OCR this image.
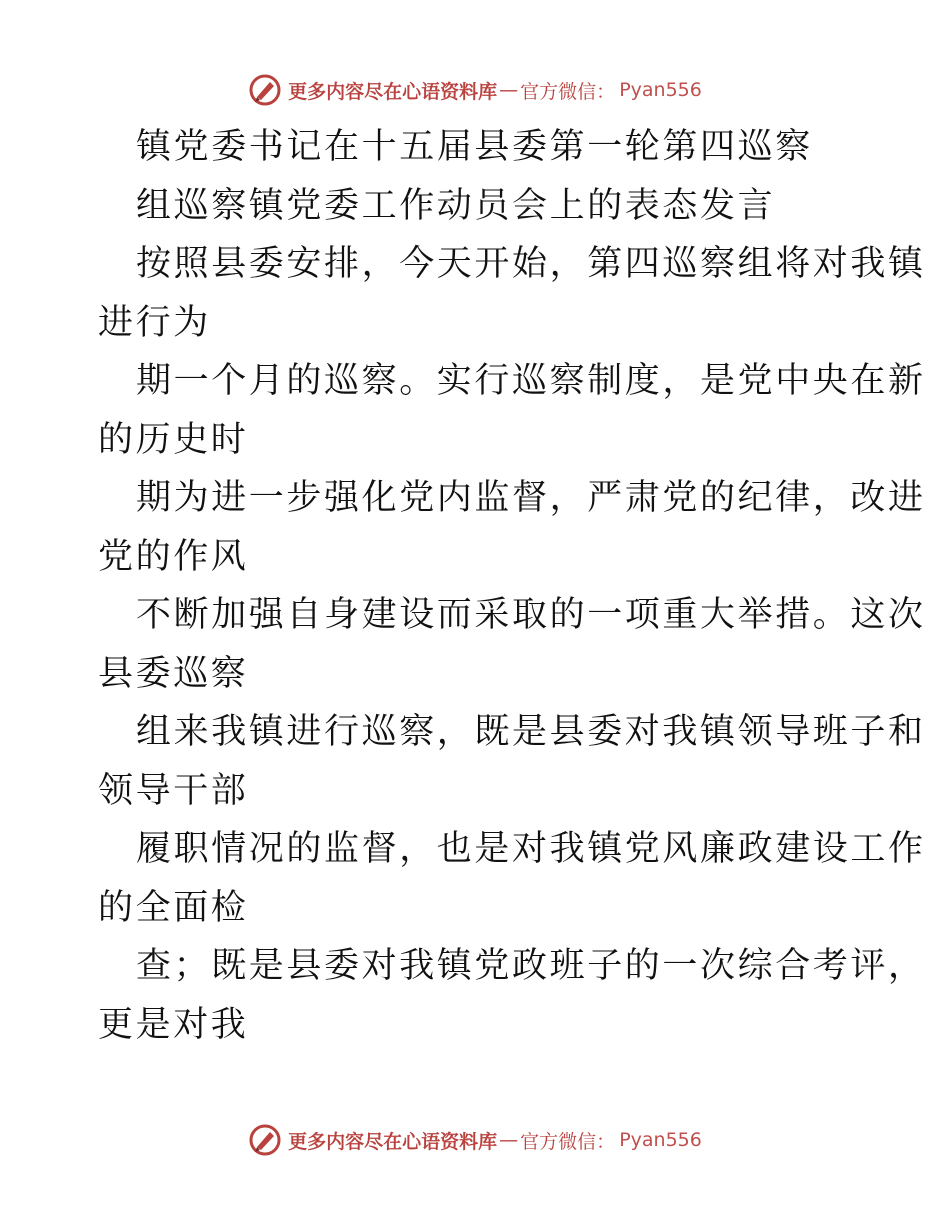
更多内容尽在心语资料库 — 官方微信： Pyan556
镇党委书记在十五届县委第一轮第四巡察
组巡察镇党委工作动员会上的表态发言
按照县委安排，今天开始，第四巡察组将对我镇
进行为
期一个月的巡察。实行巡察制度，是党中央在新
的历史时
期为进一步强化党内监督，严肃党的纪律，改进
党的作风
不断加强自身建设而采取的一项重大举措。这次
县委巡察
组来我镇进行巡察，既是县委对我镇领导班子和
领导干部
履职情况的监督，也是对我镇党风廉政建设工作
的全面检
查；既是县委对我镇党政班子的一次综合考评，
更是对我
更多内容尽在心语资料库 — 官方微信： Pyan556
